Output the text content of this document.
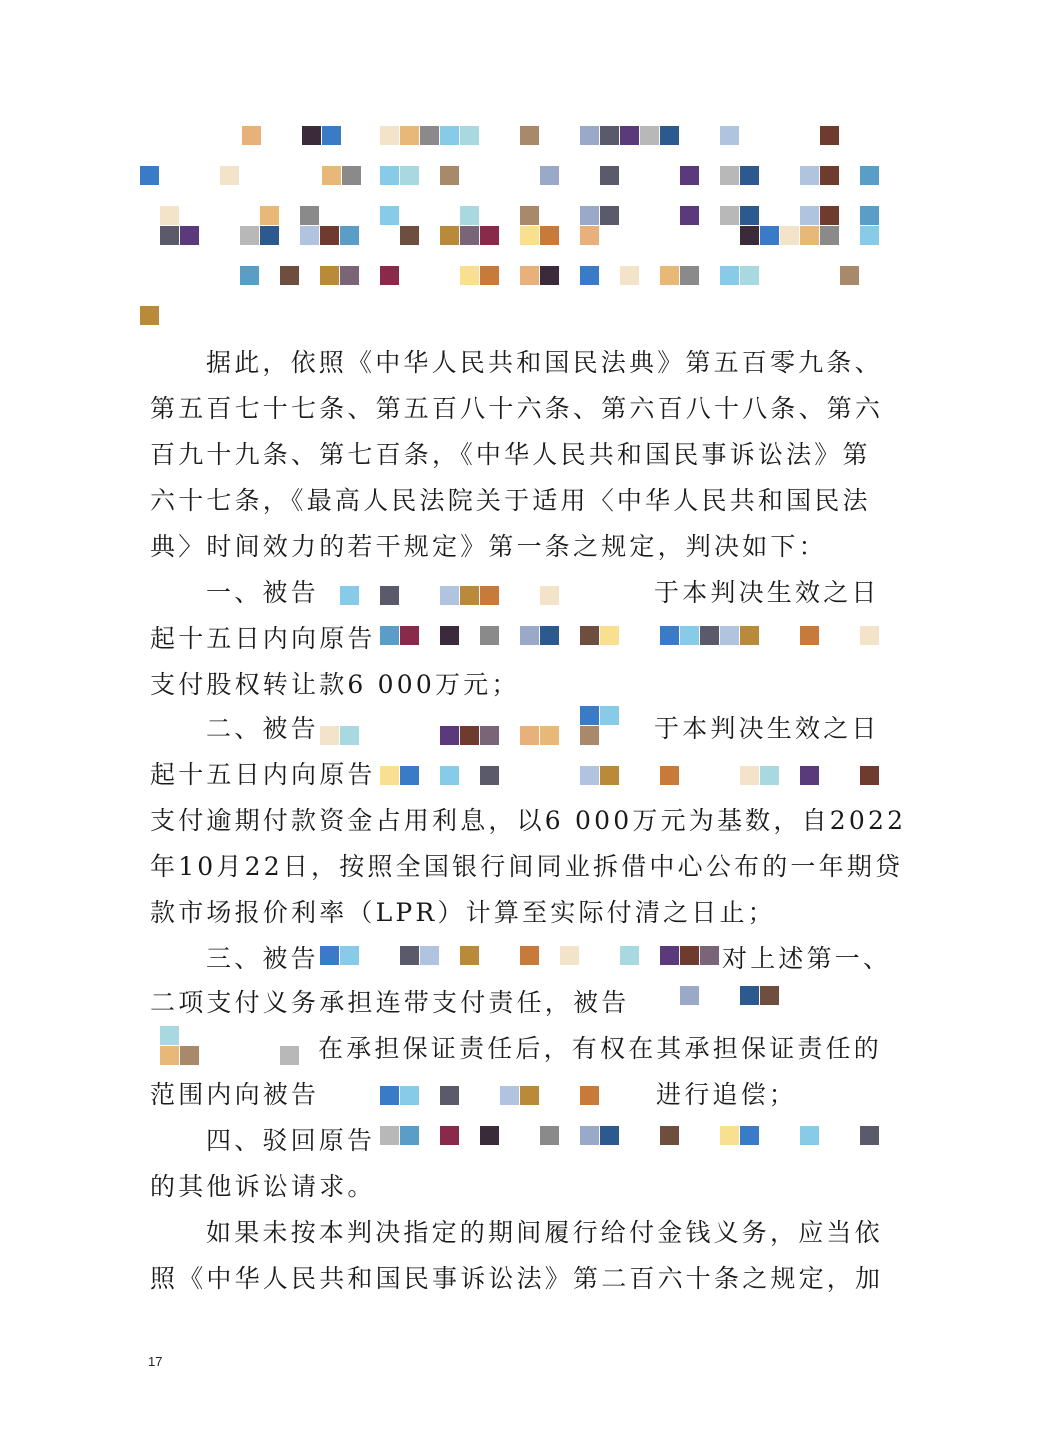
据此，依照《中华人民共和国民法典》第五百零九条、
第五百七十七条、第五百八十六条、第六百八十八条、第六
百九十九条、第七百条，《中华人民共和国民事诉讼法》第
六十七条，《最高人民法院关于适用〈中华人民共和国民法
典〉时间效力的若干规定》第一条之规定，判决如下：
一、被告	于本判决生效之日
起十五日内向原告
支付股权转让款6 000万元；
二、被告	于本判决生效之日
起十五日内向原告
支付逾期付款资金占用利息，以6 000万元为基数，自2022
年10月22日，按照全国银行间同业拆借中心公布的一年期贷
款市场报价利率（LPR）计算至实际付清之日止；
三、被告	对上述第一、
二项支付义务承担连带支付责任，被告
在承担保证责任后，有权在其承担保证责任的
范围内向被告	进行追偿；
四、驳回原告
的其他诉讼请求。
如果未按本判决指定的期间履行给付金钱义务，应当依
照《中华人民共和国民事诉讼法》第二百六十条之规定，加
17
